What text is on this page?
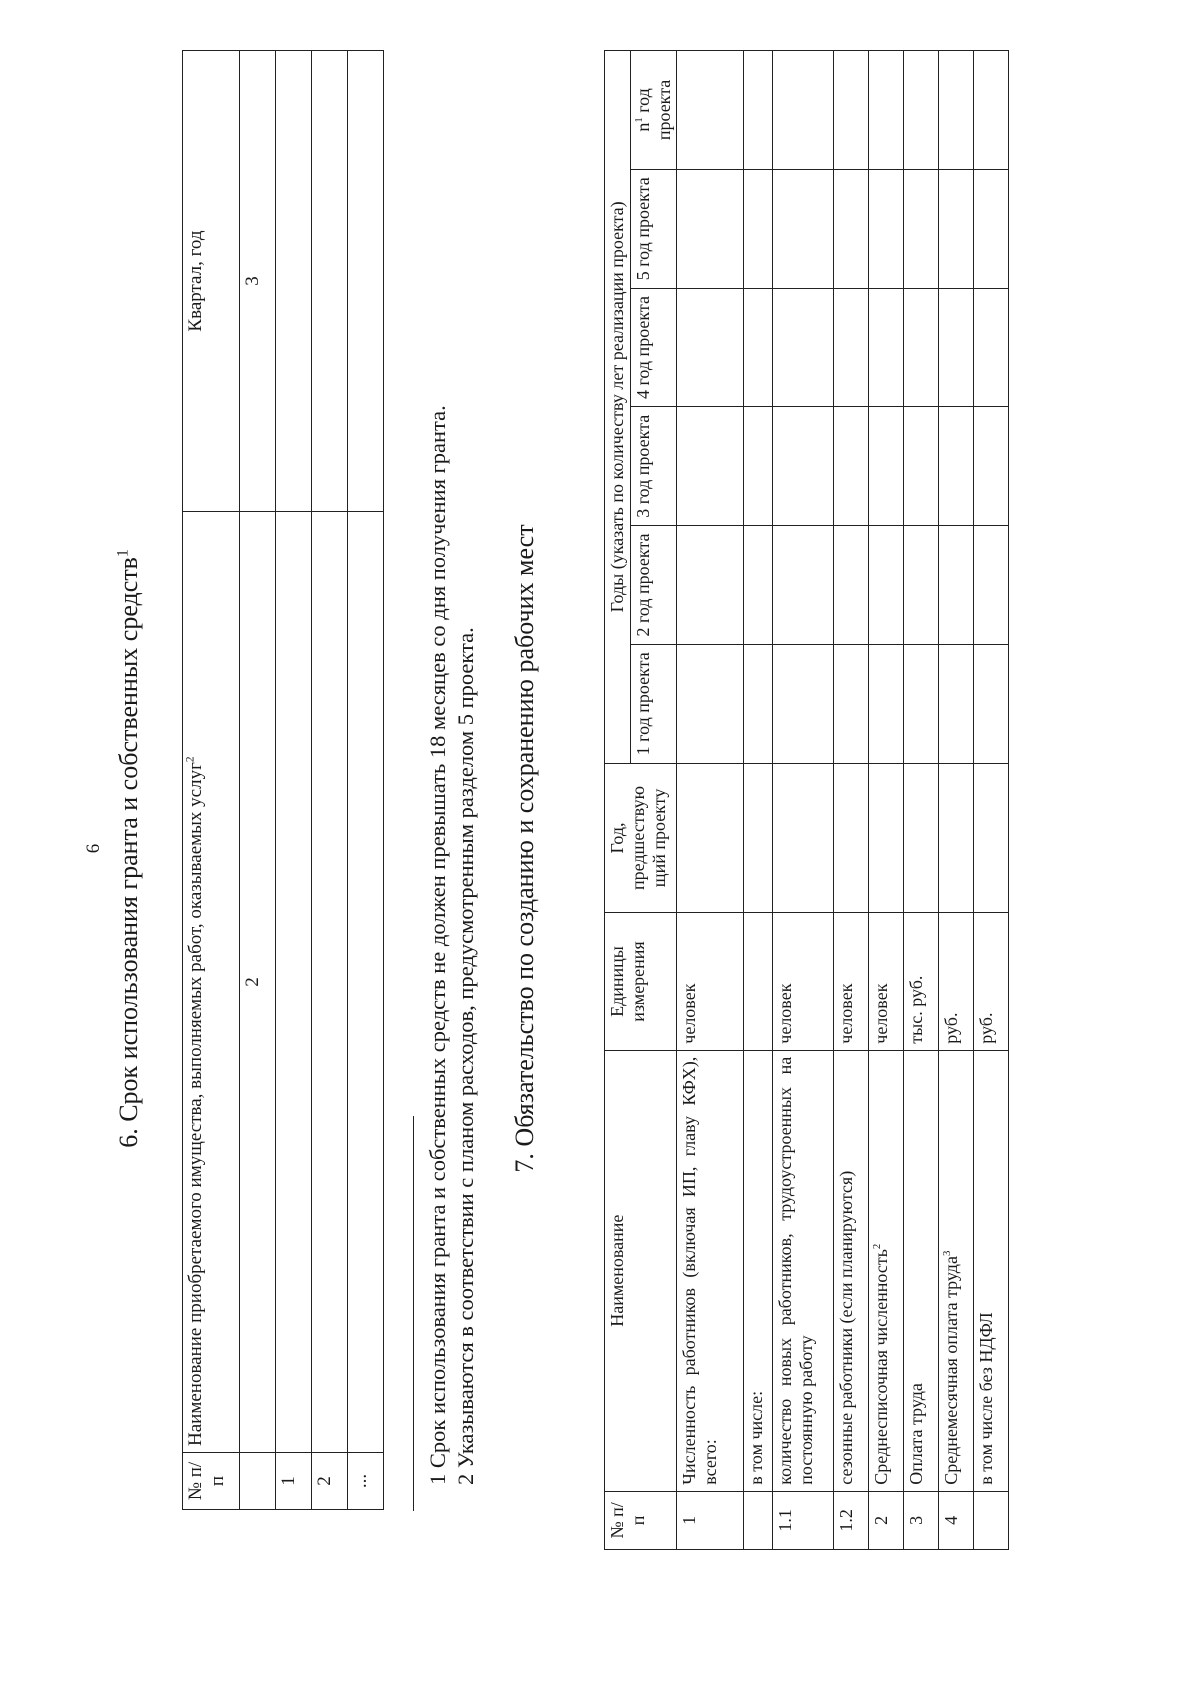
6 6. Срок использования гранта и собственных средств$^1$
№ п/п	Наименование приобретаемого имущества, выполняемых работ, оказываемых услуг$^2$	Квартал, год
	2	3
1		
2		
...		1 Срок использования гранта и собственных средств не должен превышать 18 месяцев со дня получения гранта. 2 Указываются в соответствии с планом расходов, предусмотренным разделом 5 проекта. 7. Обязательство по созданию и сохранению рабочих мест
№ п/п	Наименование	Единицы измерения	Год, предшествую щий проекту	Годы (указать по количеству лет реализации проекта)					
				1 год проекта	2 год проекта	3 год проекта	4 год проекта	5 год проекта	$n^1$ год проекта
1	Численность работников (включая ИП, главу КФХ), всего:	человек							
	в том числе:								
1.1	количество новых работников, трудоустроенных на постоянную работу	человек							
1.2	сезонные работники (если планируются)	человек							
2	Среднесписочная численность$^2$	человек							
3	Оплата труда	тыс. руб.							
4	Среднемесячная оплата труда$^3$	руб.							
	в том числе без НДФЛ	руб.							
